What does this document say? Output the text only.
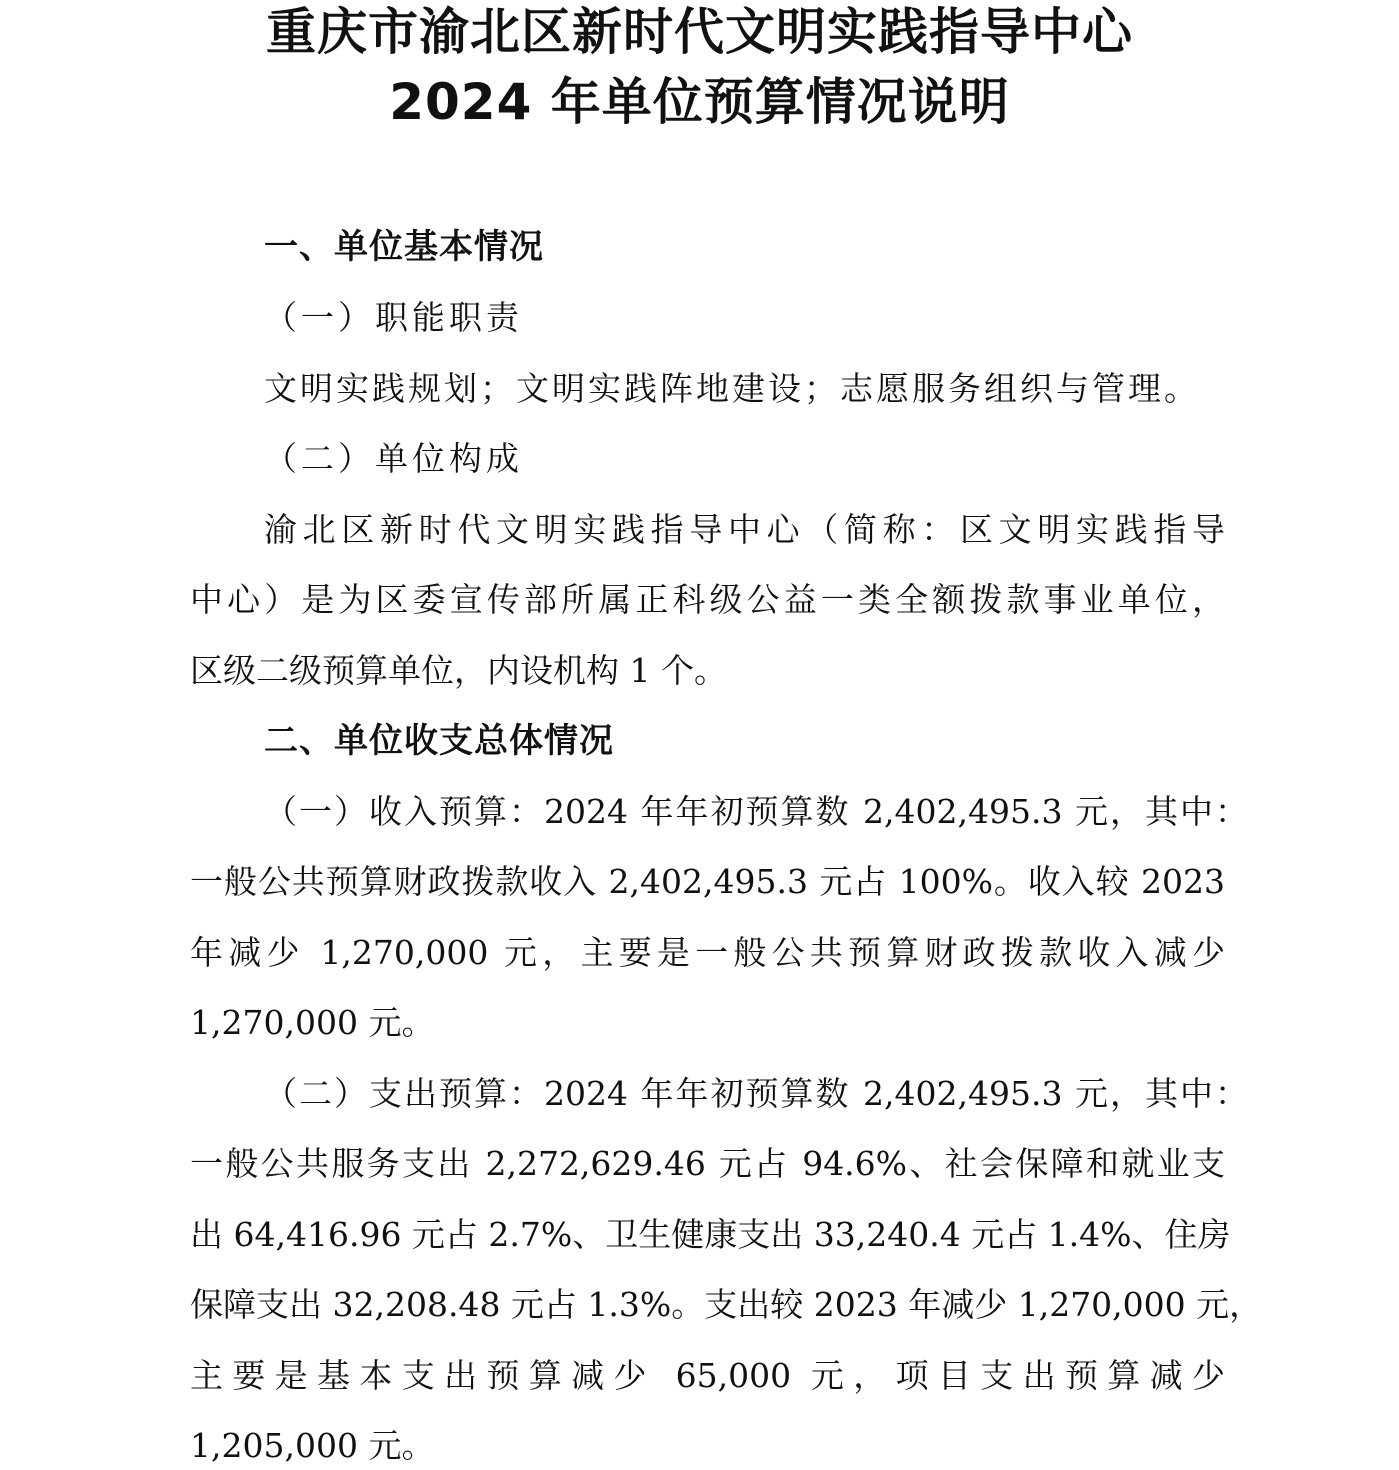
重庆市渝北区新时代文明实践指导中心
2024 年单位预算情况说明

一、单位基本情况

（一）职能职责

文明实践规划；文明实践阵地建设；志愿服务组织与管理。

（二）单位构成

渝北区新时代文明实践指导中心（简称：区文明实践指导

中心）是为区委宣传部所属正科级公益一类全额拨款事业单位，

区级二级预算单位，内设机构 1 个。

二、单位收支总体情况

（一）收入预算：2024 年年初预算数 2,402,495.3 元，其中：

一般公共预算财政拨款收入 2,402,495.3 元占 100%。收入较 2023

年减少 1,270,000 元，主要是一般公共预算财政拨款收入减少

1,270,000 元。

（二）支出预算：2024 年年初预算数 2,402,495.3 元，其中：

一般公共服务支出 2,272,629.46 元占 94.6%、社会保障和就业支

出 64,416.96 元占 2.7%、卫生健康支出 33,240.4 元占 1.4%、住房

保障支出 32,208.48 元占 1.3%。支出较 2023 年减少 1,270,000 元，

主要是基本支出预算减少 65,000 元，项目支出预算减少

1,205,000 元。
